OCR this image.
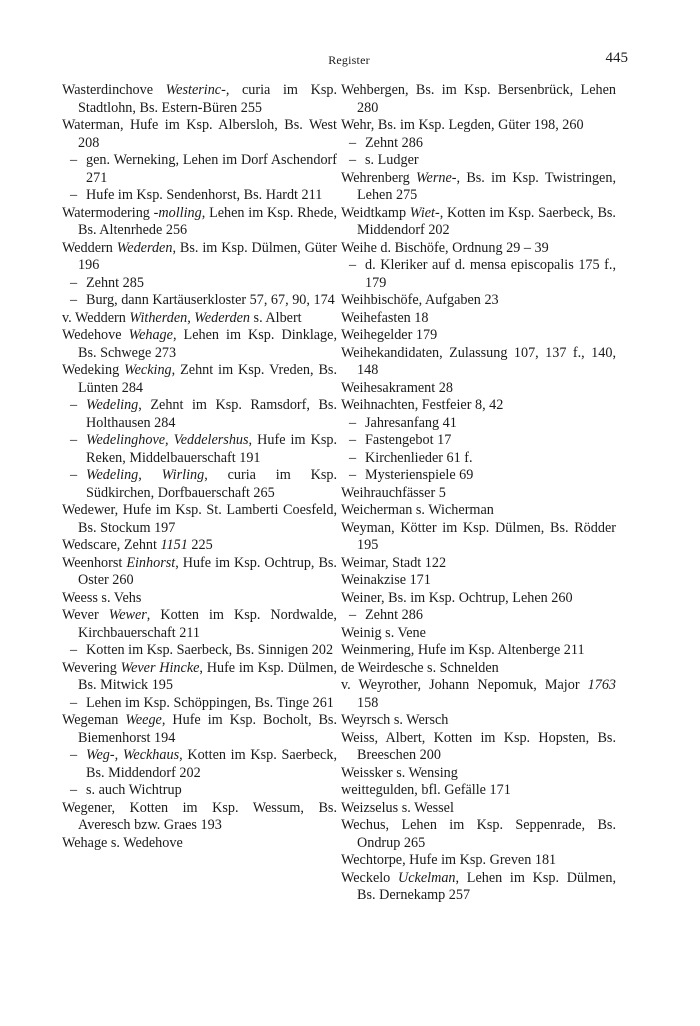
Register	445
Wasterdinchove Westerinc-, curia im Ksp. Stadtlohn, Bs. Estern-Büren 255
Waterman, Hufe im Ksp. Albersloh, Bs. West 208
– gen. Werneking, Lehen im Dorf Aschendorf 271
– Hufe im Ksp. Sendenhorst, Bs. Hardt 211
Watermodering -molling, Lehen im Ksp. Rhede, Bs. Altenrhede 256
Weddern Wederden, Bs. im Ksp. Dülmen, Güter 196
– Zehnt 285
– Burg, dann Kartäuserkloster 57, 67, 90, 174
v. Weddern Witherden, Wederden s. Albert
Wedehove Wehage, Lehen im Ksp. Dinklage, Bs. Schwege 273
Wedeking Wecking, Zehnt im Ksp. Vreden, Bs. Lünten 284
– Wedeling, Zehnt im Ksp. Ramsdorf, Bs. Holthausen 284
– Wedelinghove, Veddelershus, Hufe im Ksp. Reken, Middelbauerschaft 191
– Wedeling, Wirling, curia im Ksp. Südkirchen, Dorfbauerschaft 265
Wedewer, Hufe im Ksp. St. Lamberti Coesfeld, Bs. Stockum 197
Wedscare, Zehnt 1151 225
Weenhorst Einhorst, Hufe im Ksp. Ochtrup, Bs. Oster 260
Weess s. Vehs
Wever Wewer, Kotten im Ksp. Nordwalde, Kirchbauerschaft 211
– Kotten im Ksp. Saerbeck, Bs. Sinnigen 202
Wevering Wever Hincke, Hufe im Ksp. Dülmen, Bs. Mitwick 195
– Lehen im Ksp. Schöppingen, Bs. Tinge 261
Wegeman Weege, Hufe im Ksp. Bocholt, Bs. Biemenhorst 194
– Weg-, Weckhaus, Kotten im Ksp. Saerbeck, Bs. Middendorf 202
– s. auch Wichtrup
Wegener, Kotten im Ksp. Wessum, Bs. Averesch bzw. Graes 193
Wehage s. Wedehove
Wehbergen, Bs. im Ksp. Bersenbrück, Lehen 280
Wehr, Bs. im Ksp. Legden, Güter 198, 260
– Zehnt 286
– s. Ludger
Wehrenberg Werne-, Bs. im Ksp. Twistringen, Lehen 275
Weidtkamp Wiet-, Kotten im Ksp. Saerbeck, Bs. Middendorf 202
Weihe d. Bischöfe, Ordnung 29 – 39
– d. Kleriker auf d. mensa episcopalis 175 f., 179
Weihbischöfe, Aufgaben 23
Weihefasten 18
Weihegelder 179
Weihekandidaten, Zulassung 107, 137 f., 140, 148
Weihesakrament 28
Weihnachten, Festfeier 8, 42
– Jahresanfang 41
– Fastengebot 17
– Kirchenlieder 61 f.
– Mysterienspiele 69
Weihrauchfässer 5
Weicherman s. Wicherman
Weyman, Kötter im Ksp. Dülmen, Bs. Rödder 195
Weimar, Stadt 122
Weinakzise 171
Weiner, Bs. im Ksp. Ochtrup, Lehen 260
– Zehnt 286
Weinig s. Vene
Weinmering, Hufe im Ksp. Altenberge 211
de Weirdesche s. Schnelden
v. Weyrother, Johann Nepomuk, Major 1763 158
Weyrsch s. Wersch
Weiss, Albert, Kotten im Ksp. Hopsten, Bs. Breeschen 200
Weissker s. Wensing
weittegulden, bfl. Gefälle 171
Weizselus s. Wessel
Wechus, Lehen im Ksp. Seppenrade, Bs. Ondrup 265
Wechtorpe, Hufe im Ksp. Greven 181
Weckelo Uckelman, Lehen im Ksp. Dülmen, Bs. Dernekamp 257
